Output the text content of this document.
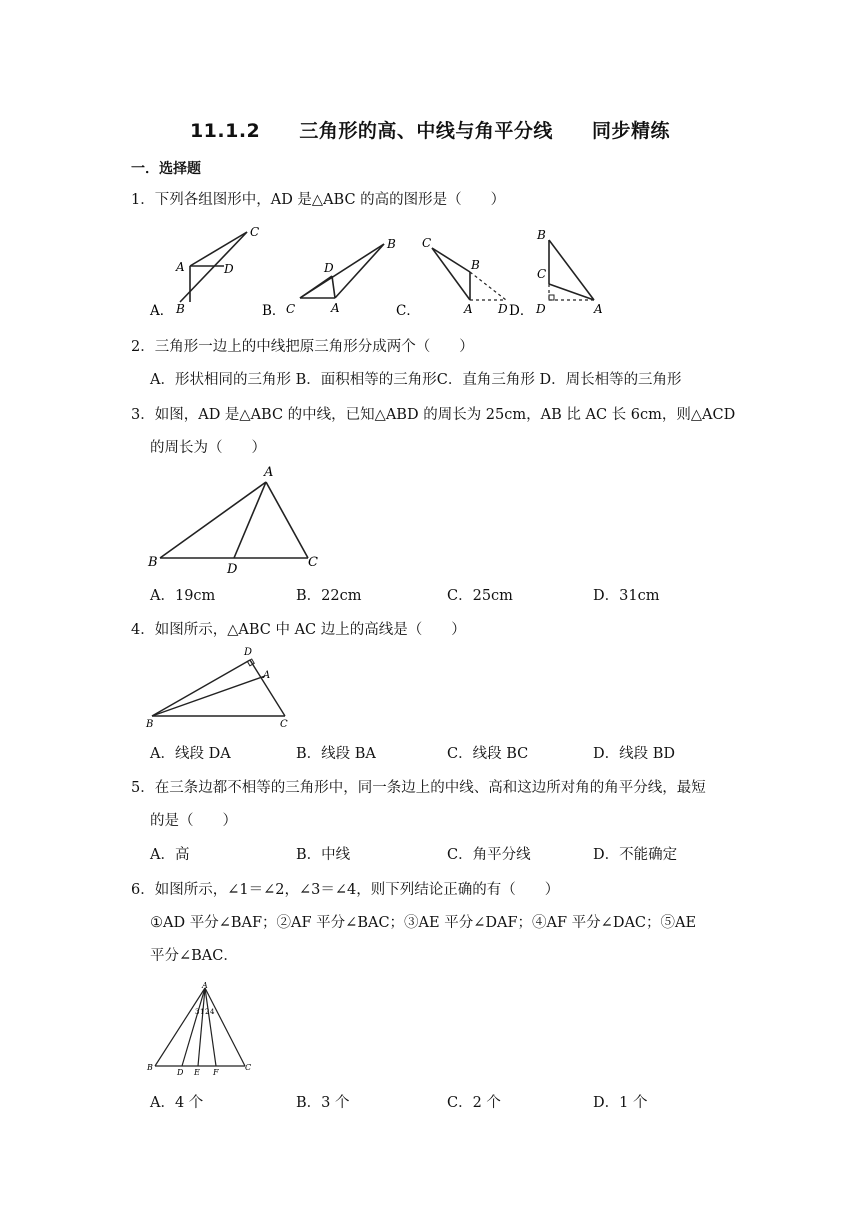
11.1.2 三角形的高、中线与角平分线 同步精练
一．选择题
1．下列各组图形中，AD 是△ABC 的高的图形是（　　）
C
A	D
B
A．
B
D
C	A
B．
C
B
A D
C．	D．
B
C
D	A
2．三角形一边上的中线把原三角形分成两个（　　）
A．形状相同的三角形 B．面积相等的三角形C．直角三角形 D．周长相等的三角形
3．如图，AD 是△ABC 的中线，已知△ABD 的周长为 25cm，AB 比 AC 长 6cm，则△ACD
的周长为（　　）
A
B	C
D
A．19cm	B．22cm	C．25cm	D．31cm
4．如图所示，△ABC 中 AC 边上的高线是（　　）
D
A
B	C
A．线段 DA	B．线段 BA	C．线段 BC	D．线段 BD
5．在三条边都不相等的三角形中，同一条边上的中线、高和这边所对角的角平分线，最短
的是（　　）
A．高	B．中线	C．角平分线	D．不能确定
6．如图所示，∠1＝∠2，∠3＝∠4，则下列结论正确的有（　　）
①AD 平分∠BAF；②AF 平分∠BAC；③AE 平分∠DAF；④AF 平分∠DAC；⑤AE
平分∠BAC．
A
3 1 2 4
B	C
D E F
A．4 个	B．3 个	C．2 个	D．1 个
